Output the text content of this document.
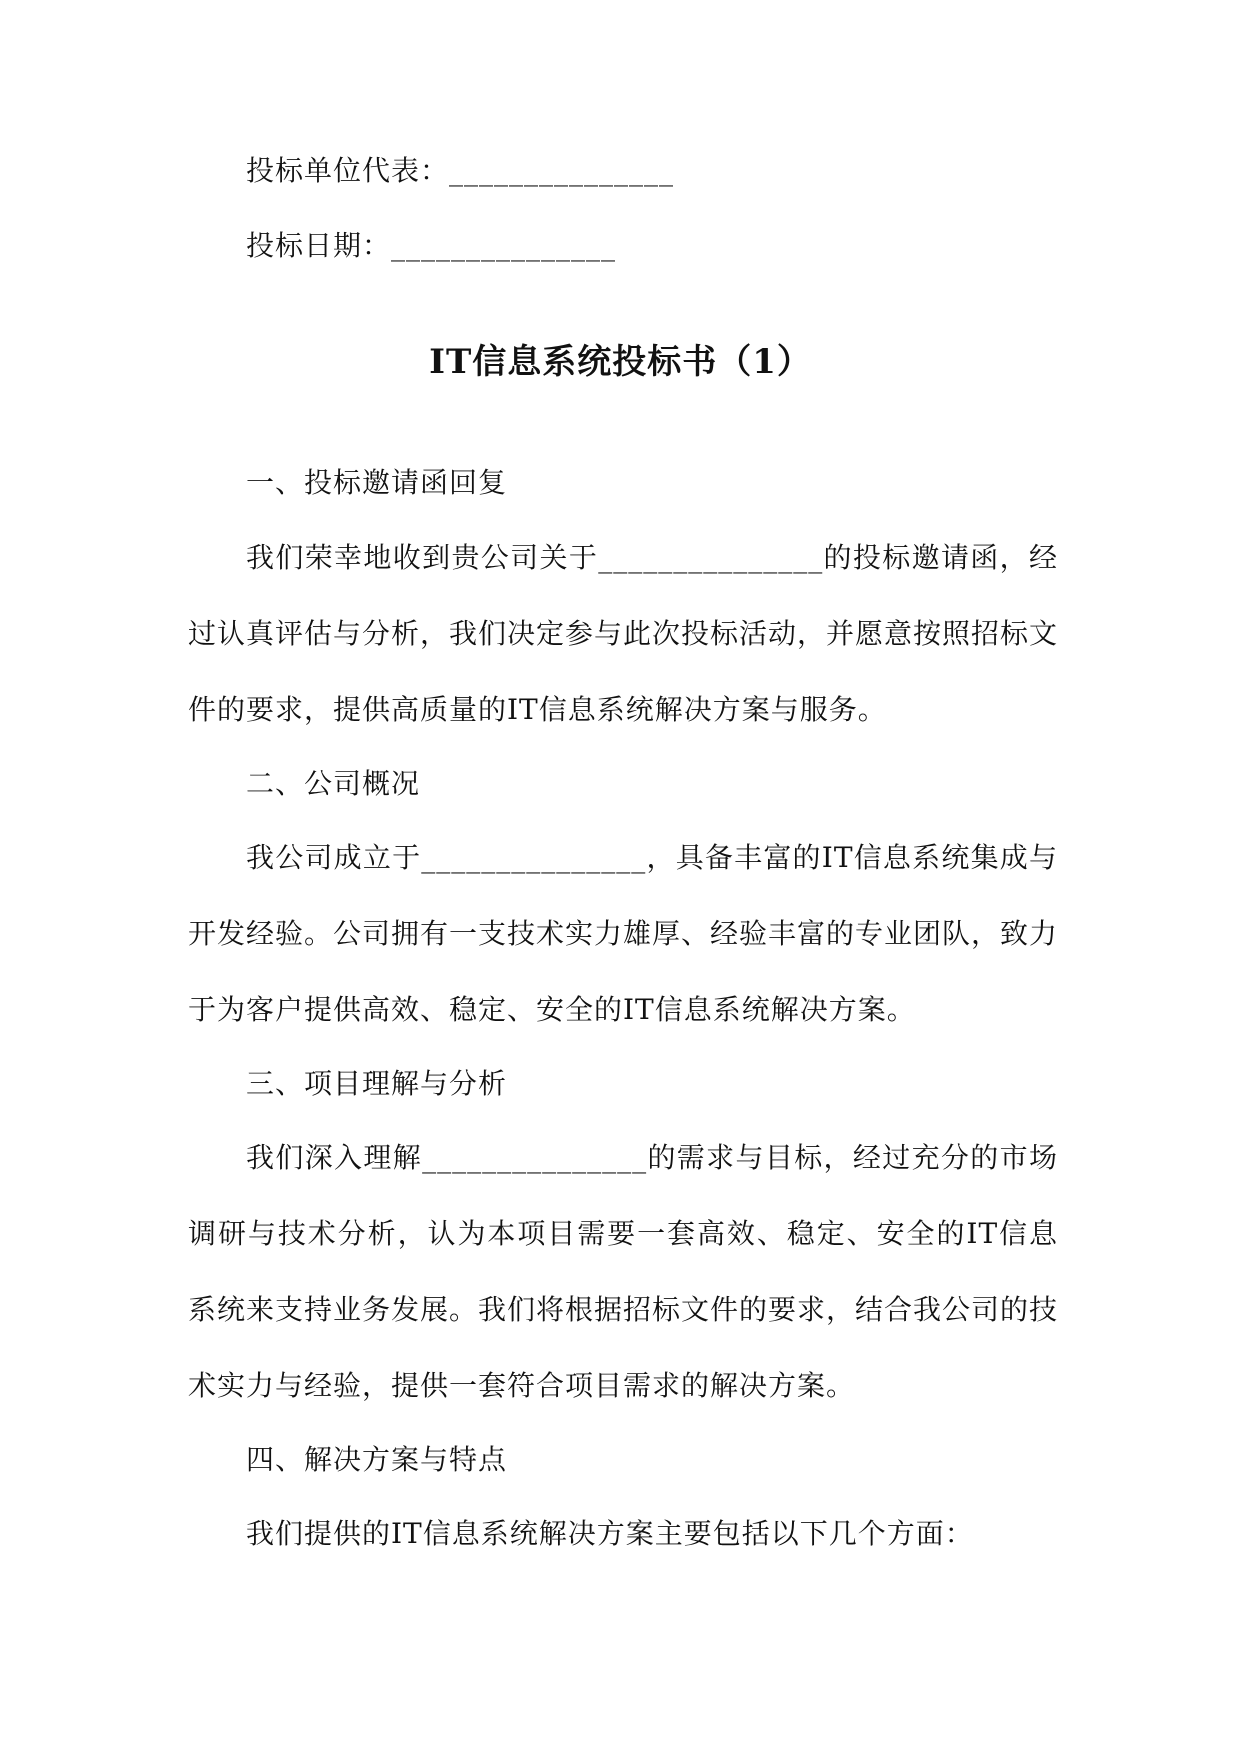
投标单位代表：_______________
投标日期：_______________
IT信息系统投标书（1）
一、投标邀请函回复

我们荣幸地收到贵公司关于_______________的投标邀请函，经过认真评估与分析，我们决定参与此次投标活动，并愿意按照招标文件的要求，提供高质量的IT信息系统解决方案与服务。

二、公司概况

我公司成立于_______________，具备丰富的IT信息系统集成与开发经验。公司拥有一支技术实力雄厚、经验丰富的专业团队，致力于为客户提供高效、稳定、安全的IT信息系统解决方案。

三、项目理解与分析

我们深入理解_______________的需求与目标，经过充分的市场调研与技术分析，认为本项目需要一套高效、稳定、安全的IT信息系统来支持业务发展。我们将根据招标文件的要求，结合我公司的技术实力与经验，提供一套符合项目需求的解决方案。

四、解决方案与特点

我们提供的IT信息系统解决方案主要包括以下几个方面：
